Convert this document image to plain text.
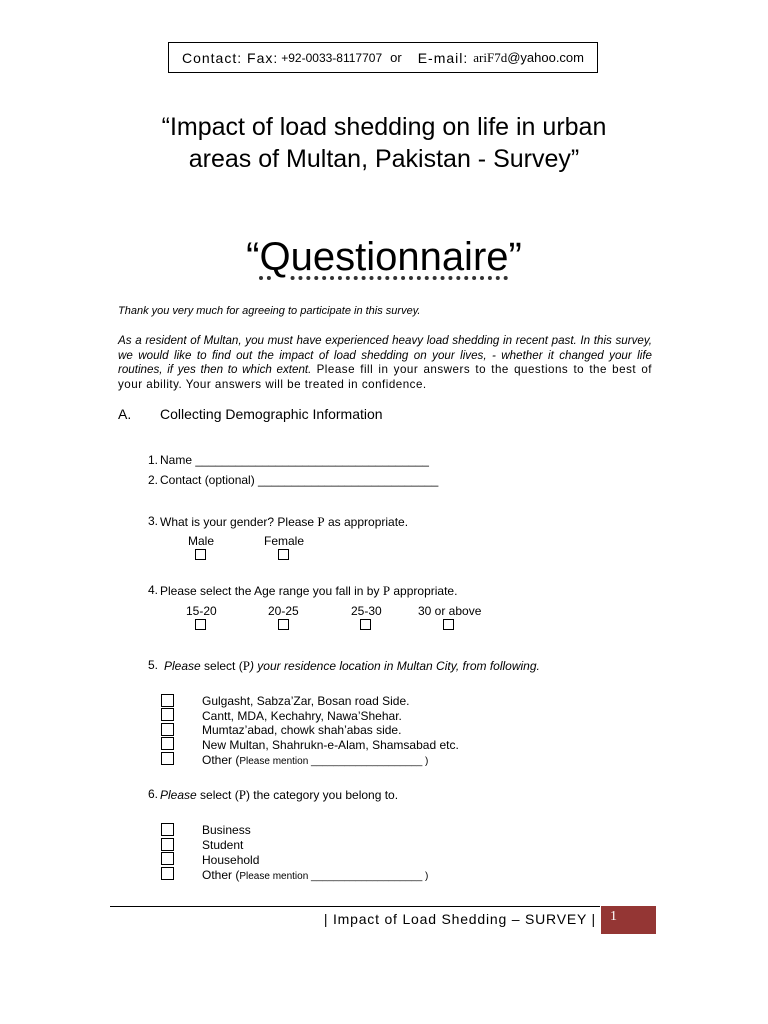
Contact: Fax: +92-0033-8117707 or E-mail: ariF7d@yahoo.com
“Impact of load shedding on life in urban
areas of Multan, Pakistan - Survey”
“Questionnaire”
Thank you very much for agreeing to participate in this survey.
As a resident of Multan, you must have experienced heavy load shedding in recent past. In this survey, we would like to find out the impact of load shedding on your lives, - whether it changed your life routines, if yes then to which extent. Please fill in your answers to the questions to the best of your ability. Your answers will be treated in confidence.
A. Collecting Demographic Information
1. Name ___________________________________
2. Contact (optional) ___________________________
3. What is your gender? Please P as appropriate.
Male	Female
4. Please select the Age range you fall in by P appropriate.
15-20	20-25	25-30	30 or above
5. Please select (P) your residence location in Multan City, from following.
Gulgasht, Sabza’Zar, Bosan road Side.
Cantt, MDA, Kechahry, Nawa’Shehar.
Mumtaz’abad, chowk shah’abas side.
New Multan, Shahrukn-e-Alam, Shamsabad etc.
Other (Please mention ____________________ )
6. Please select (P) the category you belong to.
Business
Student
Household
Other (Please mention ____________________ )
| Impact of Load Shedding – SURVEY |	1
